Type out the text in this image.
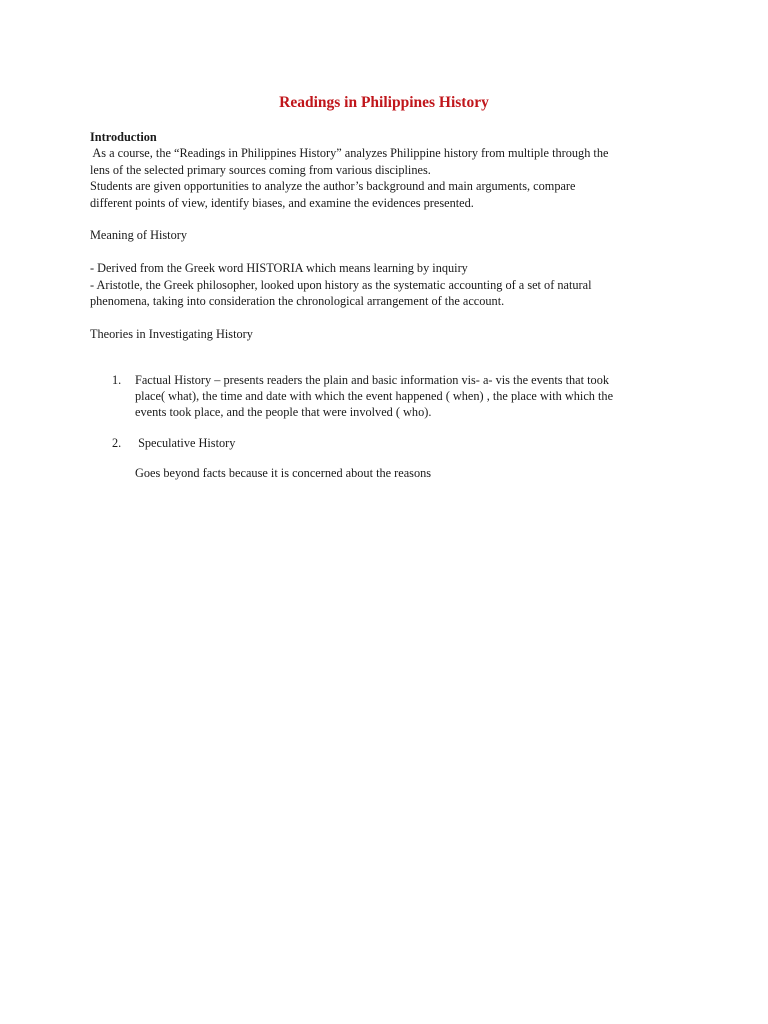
Readings in Philippines History
Introduction
As a course, the “Readings in Philippines History” analyzes Philippine history from multiple through the
lens of the selected primary sources coming from various disciplines.
Students are given opportunities to analyze the author’s background and main arguments, compare
different points of view, identify biases, and examine the evidences presented.
Meaning of History
- Derived from the Greek word HISTORIA which means learning by inquiry
- Aristotle, the Greek philosopher, looked upon history as the systematic accounting of a set of natural
phenomena, taking into consideration the chronological arrangement of the account.
Theories in Investigating History
1. Factual History – presents readers the plain and basic information vis- a- vis the events that took
place( what), the time and date with which the event happened ( when) , the place with which the
events took place, and the people that were involved ( who).
2. Speculative History
Goes beyond facts because it is concerned about the reasons
